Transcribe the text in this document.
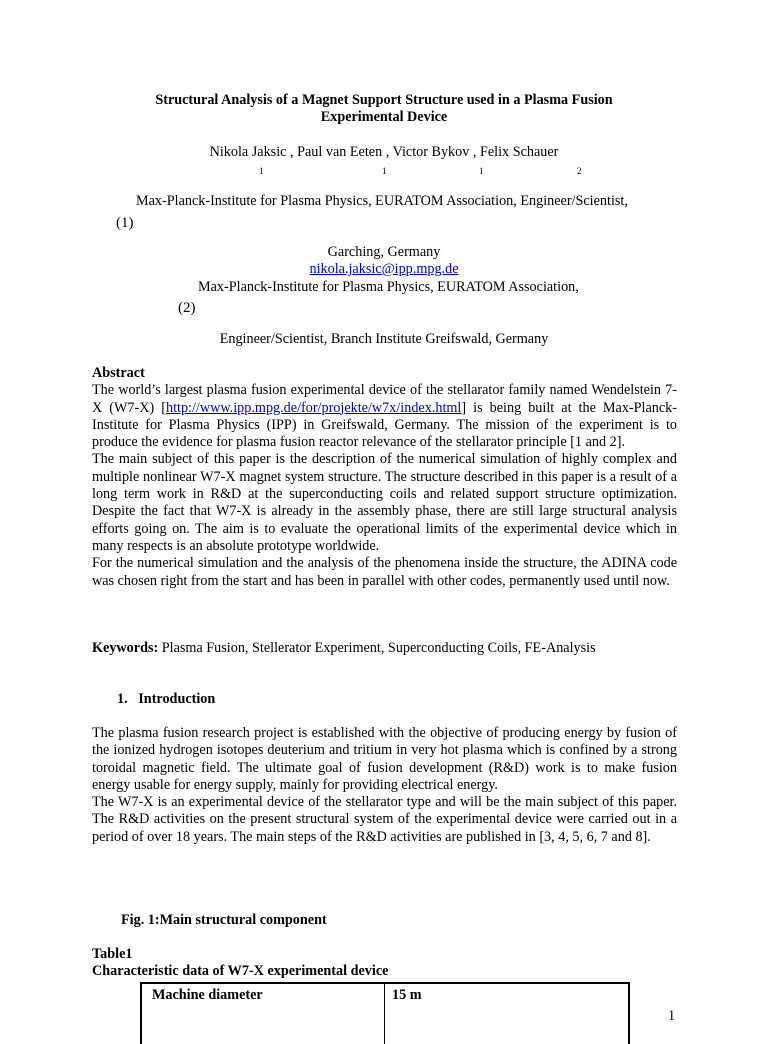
Structural Analysis of a Magnet Support Structure used in a Plasma Fusion
Experimental Device
Nikola Jaksic , Paul van Eeten , Victor Bykov , Felix Schauer
1	1	1	2
Max-Planck-Institute for Plasma Physics, EURATOM Association, Engineer/Scientist,
(1)
Garching, Germany
nikola.jaksic@ipp.mpg.de
Max-Planck-Institute for Plasma Physics, EURATOM Association,
(2)
Engineer/Scientist, Branch Institute Greifswald, Germany
Abstract
The world’s largest plasma fusion experimental device of the stellarator family named Wendelstein 7-X (W7-X) [http://www.ipp.mpg.de/for/projekte/w7x/index.html] is being built at the Max-Planck-Institute for Plasma Physics (IPP) in Greifswald, Germany. The mission of the experiment is to produce the evidence for plasma fusion reactor relevance of the stellarator principle [1 and 2].
The main subject of this paper is the description of the numerical simulation of highly complex and multiple nonlinear W7-X magnet system structure. The structure described in this paper is a result of a long term work in R&D at the superconducting coils and related support structure optimization. Despite the fact that W7-X is already in the assembly phase, there are still large structural analysis efforts going on. The aim is to evaluate the operational limits of the experimental device which in many respects is an absolute prototype worldwide.
For the numerical simulation and the analysis of the phenomena inside the structure, the ADINA code was chosen right from the start and has been in parallel with other codes, permanently used until now.
Keywords: Plasma Fusion, Stellerator Experiment, Superconducting Coils, FE-Analysis
1.   Introduction
The plasma fusion research project is established with the objective of producing energy by fusion of the ionized hydrogen isotopes deuterium and tritium in very hot plasma which is confined by a strong toroidal magnetic field. The ultimate goal of fusion development (R&D) work is to make fusion energy usable for energy supply, mainly for providing electrical energy.
The W7-X is an experimental device of the stellarator type and will be the main subject of this paper. The R&D activities on the present structural system of the experimental device were carried out in a period of over 18 years. The main steps of the R&D activities are published in [3, 4, 5, 6, 7 and 8].
Fig. 1:Main structural component
Table1
Characteristic data of W7-X experimental device
Machine diameter	15 m
1
